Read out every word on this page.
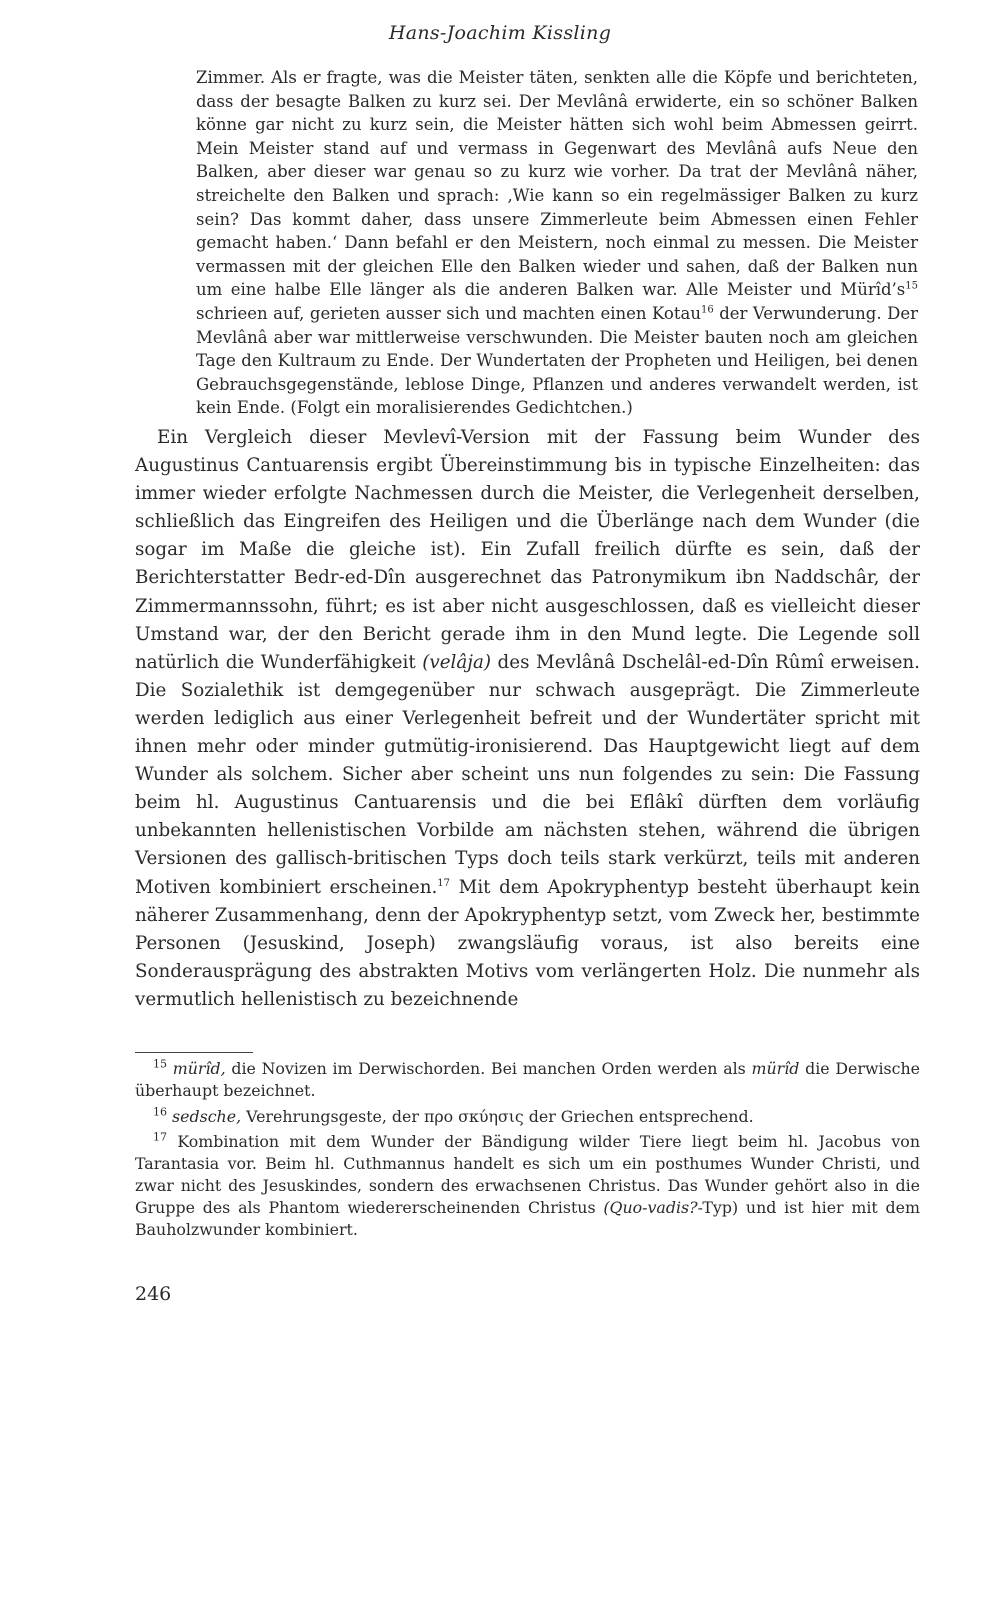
Hans-Joachim Kissling

Zimmer. Als er fragte, was die Meister täten, senkten alle die Köpfe und berichteten, dass der besagte Balken zu kurz sei. Der Mevlânâ erwiderte, ein so schöner Balken könne gar nicht zu kurz sein, die Meister hätten sich wohl beim Abmessen geirrt. Mein Meister stand auf und vermass in Gegenwart des Mevlânâ aufs Neue den Balken, aber dieser war genau so zu kurz wie vorher. Da trat der Mevlânâ näher, streichelte den Balken und sprach: ‚Wie kann so ein regelmässiger Balken zu kurz sein? Das kommt daher, dass unsere Zimmerleute beim Abmessen einen Fehler gemacht haben.‘ Dann befahl er den Meistern, noch einmal zu messen. Die Meister vermassen mit der gleichen Elle den Balken wieder und sahen, daß der Balken nun um eine halbe Elle länger als die anderen Balken war. Alle Meister und $Mürîd’s^{15}$ schrieen auf, gerieten ausser sich und machten einen Kotau$^{16}$ der Verwunderung. Der Mevlânâ aber war mittlerweise verschwunden. Die Meister bauten noch am gleichen Tage den Kultraum zu Ende. Der Wundertaten der Propheten und Heiligen, bei denen Gebrauchsgegenstände, leblose Dinge, Pflanzen und anderes verwandelt werden, ist kein Ende. (Folgt ein moralisierendes Gedichtchen.)

Ein Vergleich dieser Mevlevî-Version mit der Fassung beim Wunder des Augustinus Cantuarensis ergibt Übereinstimmung bis in typische Einzelheiten: das immer wieder erfolgte Nachmessen durch die Meister, die Verlegenheit derselben, schließlich das Eingreifen des Heiligen und die Überlänge nach dem Wunder (die sogar im Maße die gleiche ist). Ein Zufall freilich dürfte es sein, daß der Berichterstatter Bedr-ed-Dîn ausgerechnet das Patronymikum ibn Naddschâr, der Zimmermannssohn, führt; es ist aber nicht ausgeschlossen, daß es vielleicht dieser Umstand war, der den Bericht gerade ihm in den Mund legte. Die Legende soll natürlich die Wunderfähigkeit (velâja) des Mevlânâ Dschelâl-ed-Dîn Rûmî erweisen. Die Sozialethik ist demgegenüber nur schwach ausgeprägt. Die Zimmerleute werden lediglich aus einer Verlegenheit befreit und der Wundertäter spricht mit ihnen mehr oder minder gutmütig-ironisierend. Das Hauptgewicht liegt auf dem Wunder als solchem. Sicher aber scheint uns nun folgendes zu sein: Die Fassung beim hl. Augustinus Cantuarensis und die bei Eflâkî dürften dem vorläufig unbekannten hellenistischen Vorbilde am nächsten stehen, während die übrigen Versionen des gallisch-britischen Typs doch teils stark verkürzt, teils mit anderen Motiven kombiniert erscheinen.$^{17}$ Mit dem Apokryphentyp besteht überhaupt kein näherer Zusammenhang, denn der Apokryphentyp setzt, vom Zweck her, bestimmte Personen (Jesuskind, Joseph) zwangsläufig voraus, ist also bereits eine Sonderausprägung des abstrakten Motivs vom verlängerten Holz. Die nunmehr als vermutlich hellenistisch zu bezeichnende

$^{15}$ mürîd, die Novizen im Derwischorden. Bei manchen Orden werden als mürîd die Derwische überhaupt bezeichnet.

$^{16}$ sedsche, Verehrungsgeste, der προ σκύησις der Griechen entsprechend.

$^{17}$ Kombination mit dem Wunder der Bändigung wilder Tiere liegt beim hl. Jacobus von Tarantasia vor. Beim hl. Cuthmannus handelt es sich um ein posthumes Wunder Christi, und zwar nicht des Jesuskindes, sondern des erwachsenen Christus. Das Wunder gehört also in die Gruppe des als Phantom wiedererscheinenden Christus (Quo-vadis?-Typ) und ist hier mit dem Bauholzwunder kombiniert.

246
